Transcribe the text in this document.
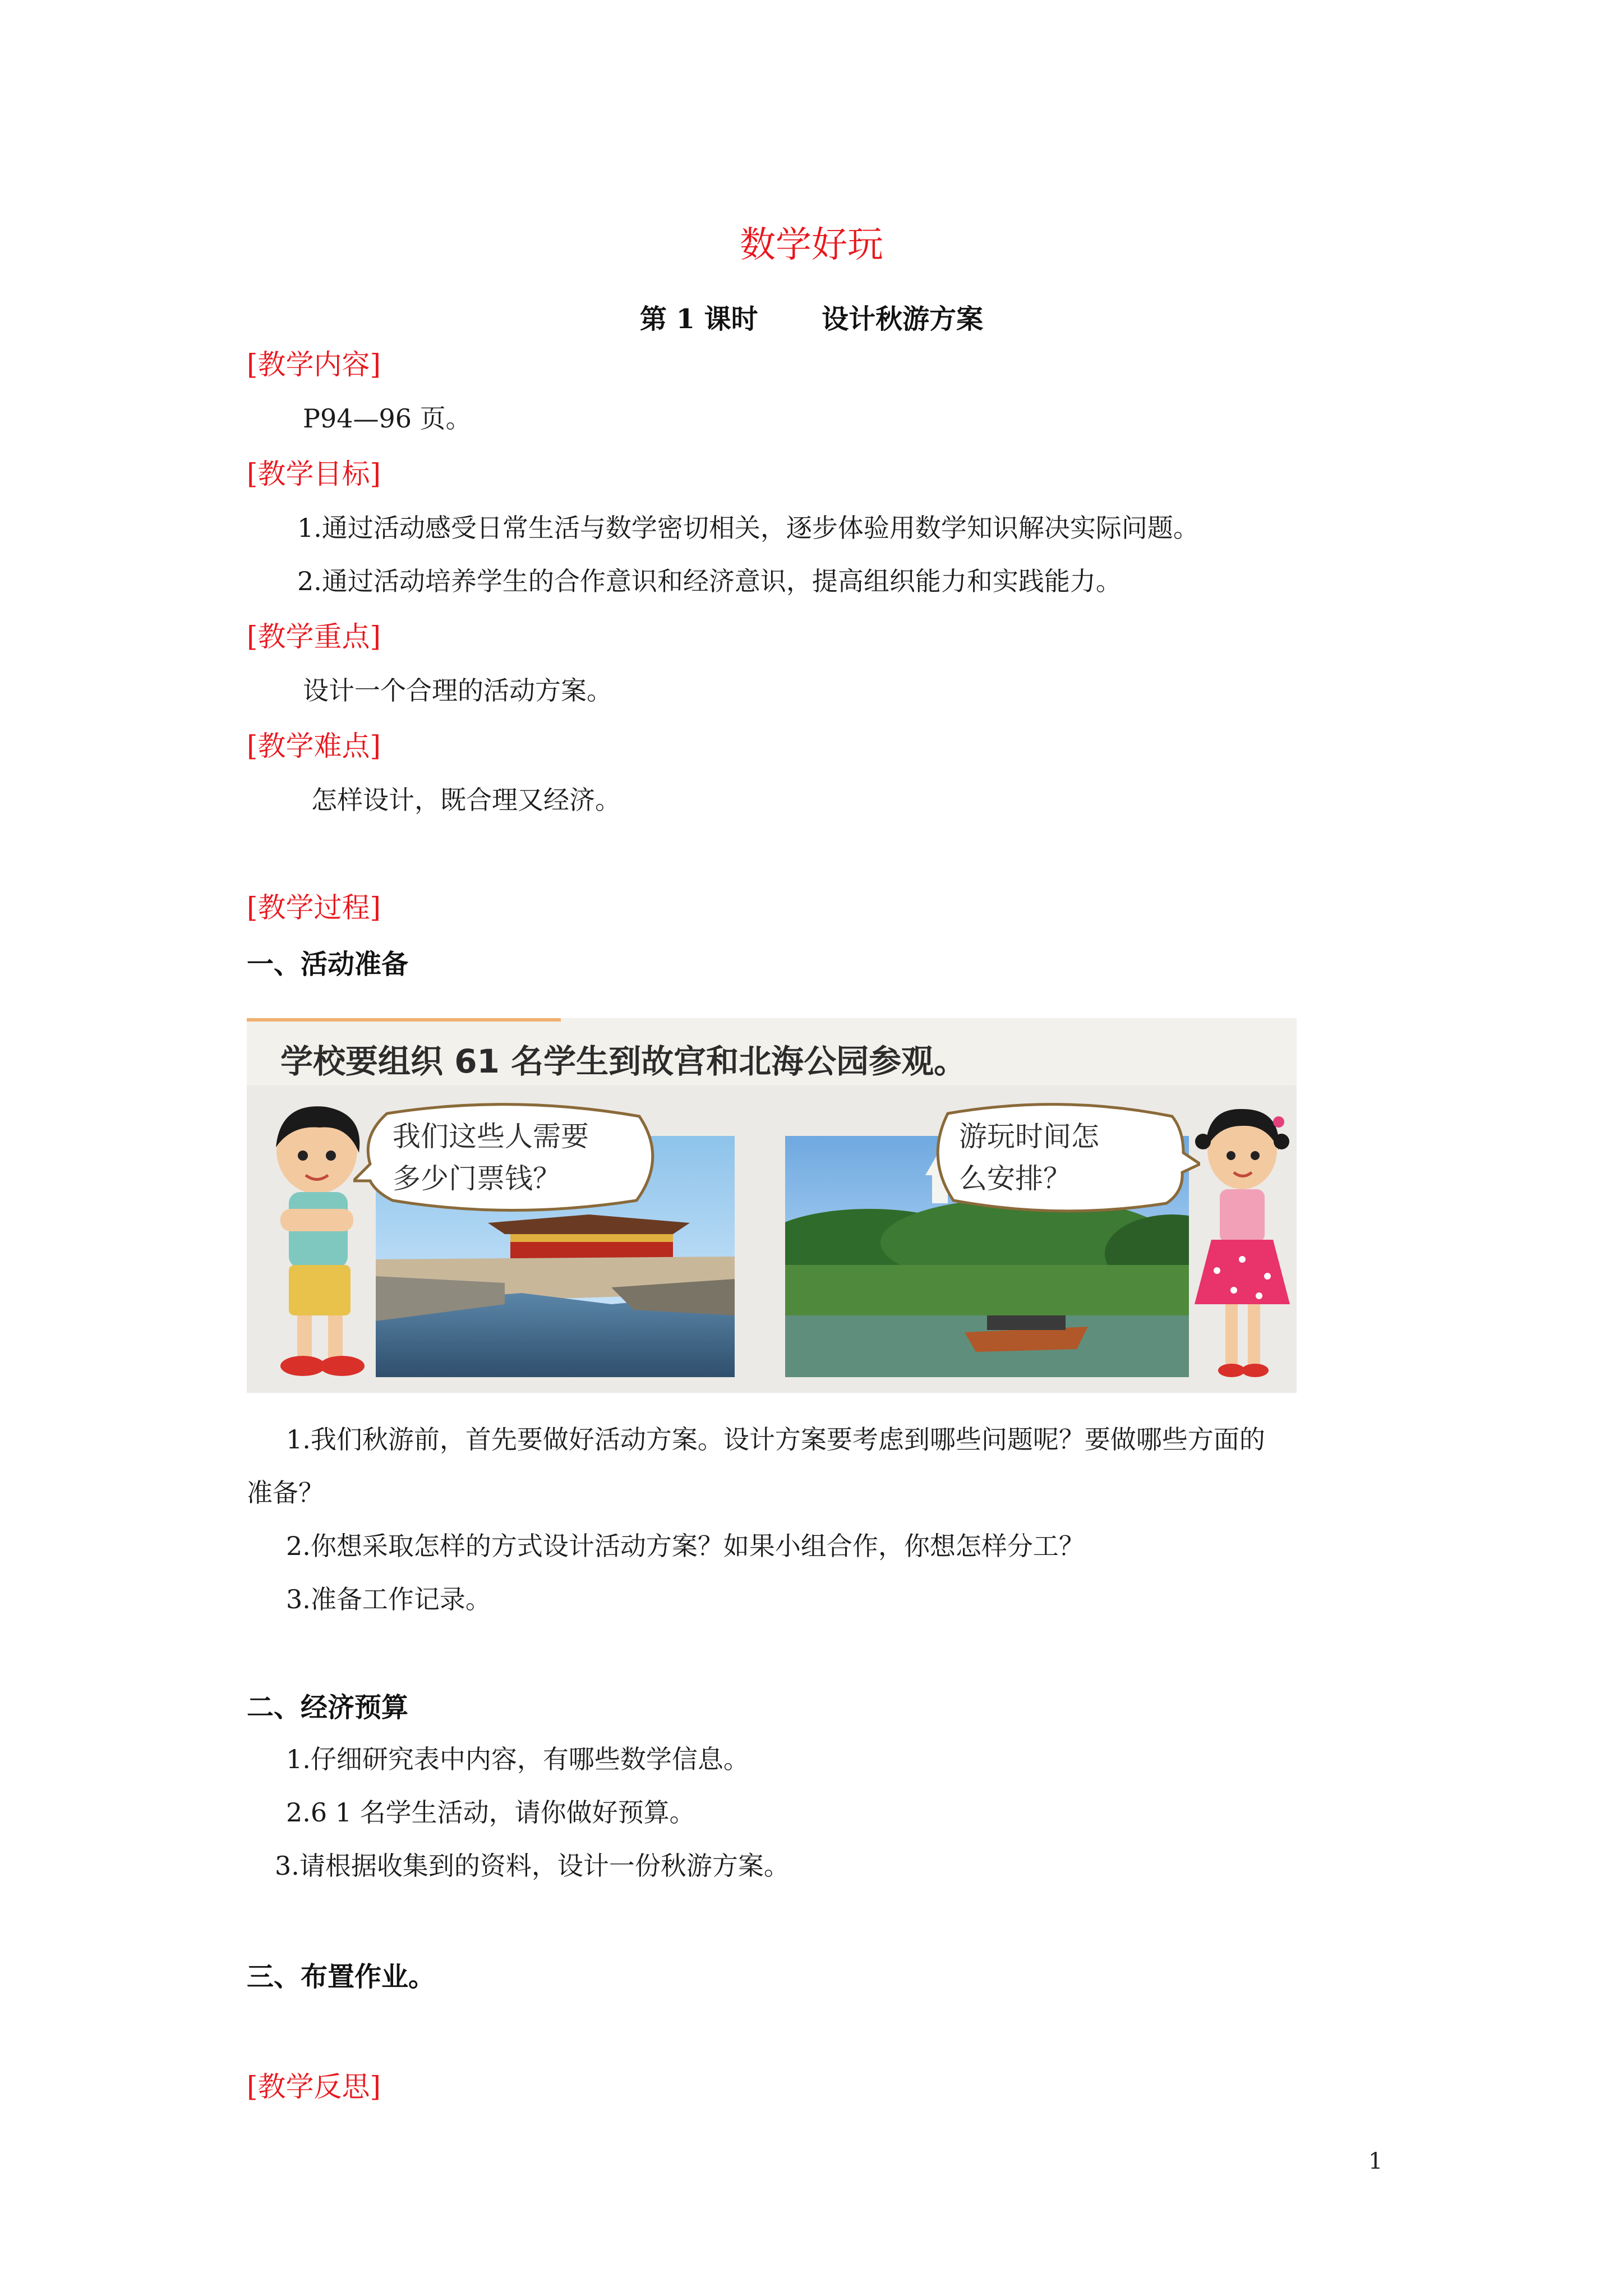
数学好玩
第 1 课时 设计秋游方案
[教学内容]
P94—96 页。
[教学目标]
1.通过活动感受日常生活与数学密切相关，逐步体验用数学知识解决实际问题。
2.通过活动培养学生的合作意识和经济意识，提高组织能力和实践能力。
[教学重点]
设计一个合理的活动方案。
[教学难点]
怎样设计，既合理又经济。
[教学过程]
一、活动准备
学校要组织 61 名学生到故宫和北海公园参观。
我们这些人需要
多少门票钱？
游玩时间怎
么安排？
1.我们秋游前，首先要做好活动方案。设计方案要考虑到哪些问题呢？要做哪些方面的
准备？
2.你想采取怎样的方式设计活动方案？如果小组合作，你想怎样分工？
3.准备工作记录。
二、经济预算
1.仔细研究表中内容，有哪些数学信息。
2.6 1 名学生活动，请你做好预算。
3.请根据收集到的资料，设计一份秋游方案。
三、布置作业。
[教学反思]
1
